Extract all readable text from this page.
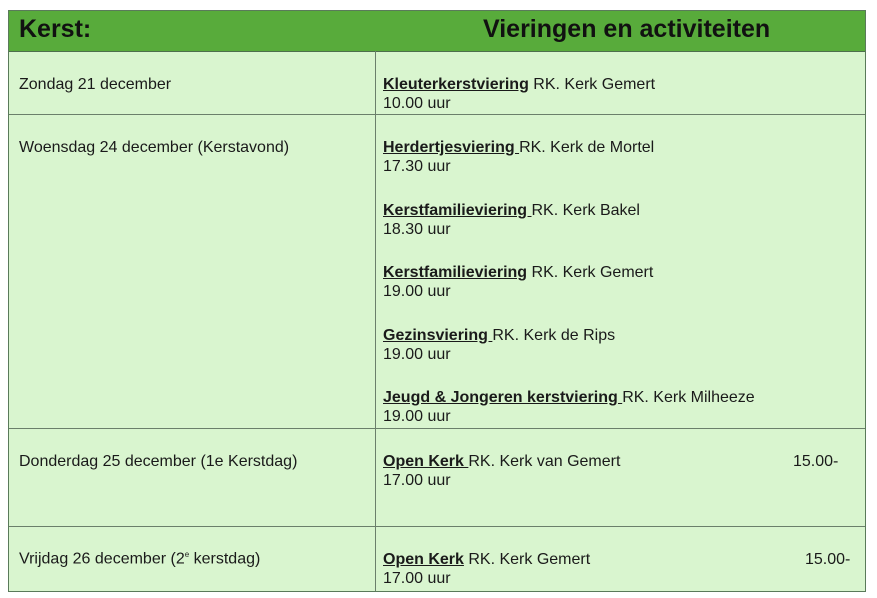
Kerst:	Vieringen en activiteiten
Zondag 21 december	Kleuterkerstviering RK. Kerk Gemert
10.00 uur
Woensdag 24 december (Kerstavond)	Herdertjesviering RK. Kerk de Mortel
17.30 uur
Kerstfamilieviering RK. Kerk Bakel
18.30 uur
Kerstfamilieviering RK. Kerk Gemert
19.00 uur
Gezinsviering RK. Kerk de Rips
19.00 uur
Jeugd & Jongeren kerstviering RK. Kerk Milheeze
19.00 uur
Donderdag 25 december (1e Kerstdag)	Open Kerk RK. Kerk van Gemert	15.00-

17.00 uur
Vrijdag 26 december (2e kerstdag)	Open Kerk RK. Kerk Gemert	15.00-

17.00 uur
